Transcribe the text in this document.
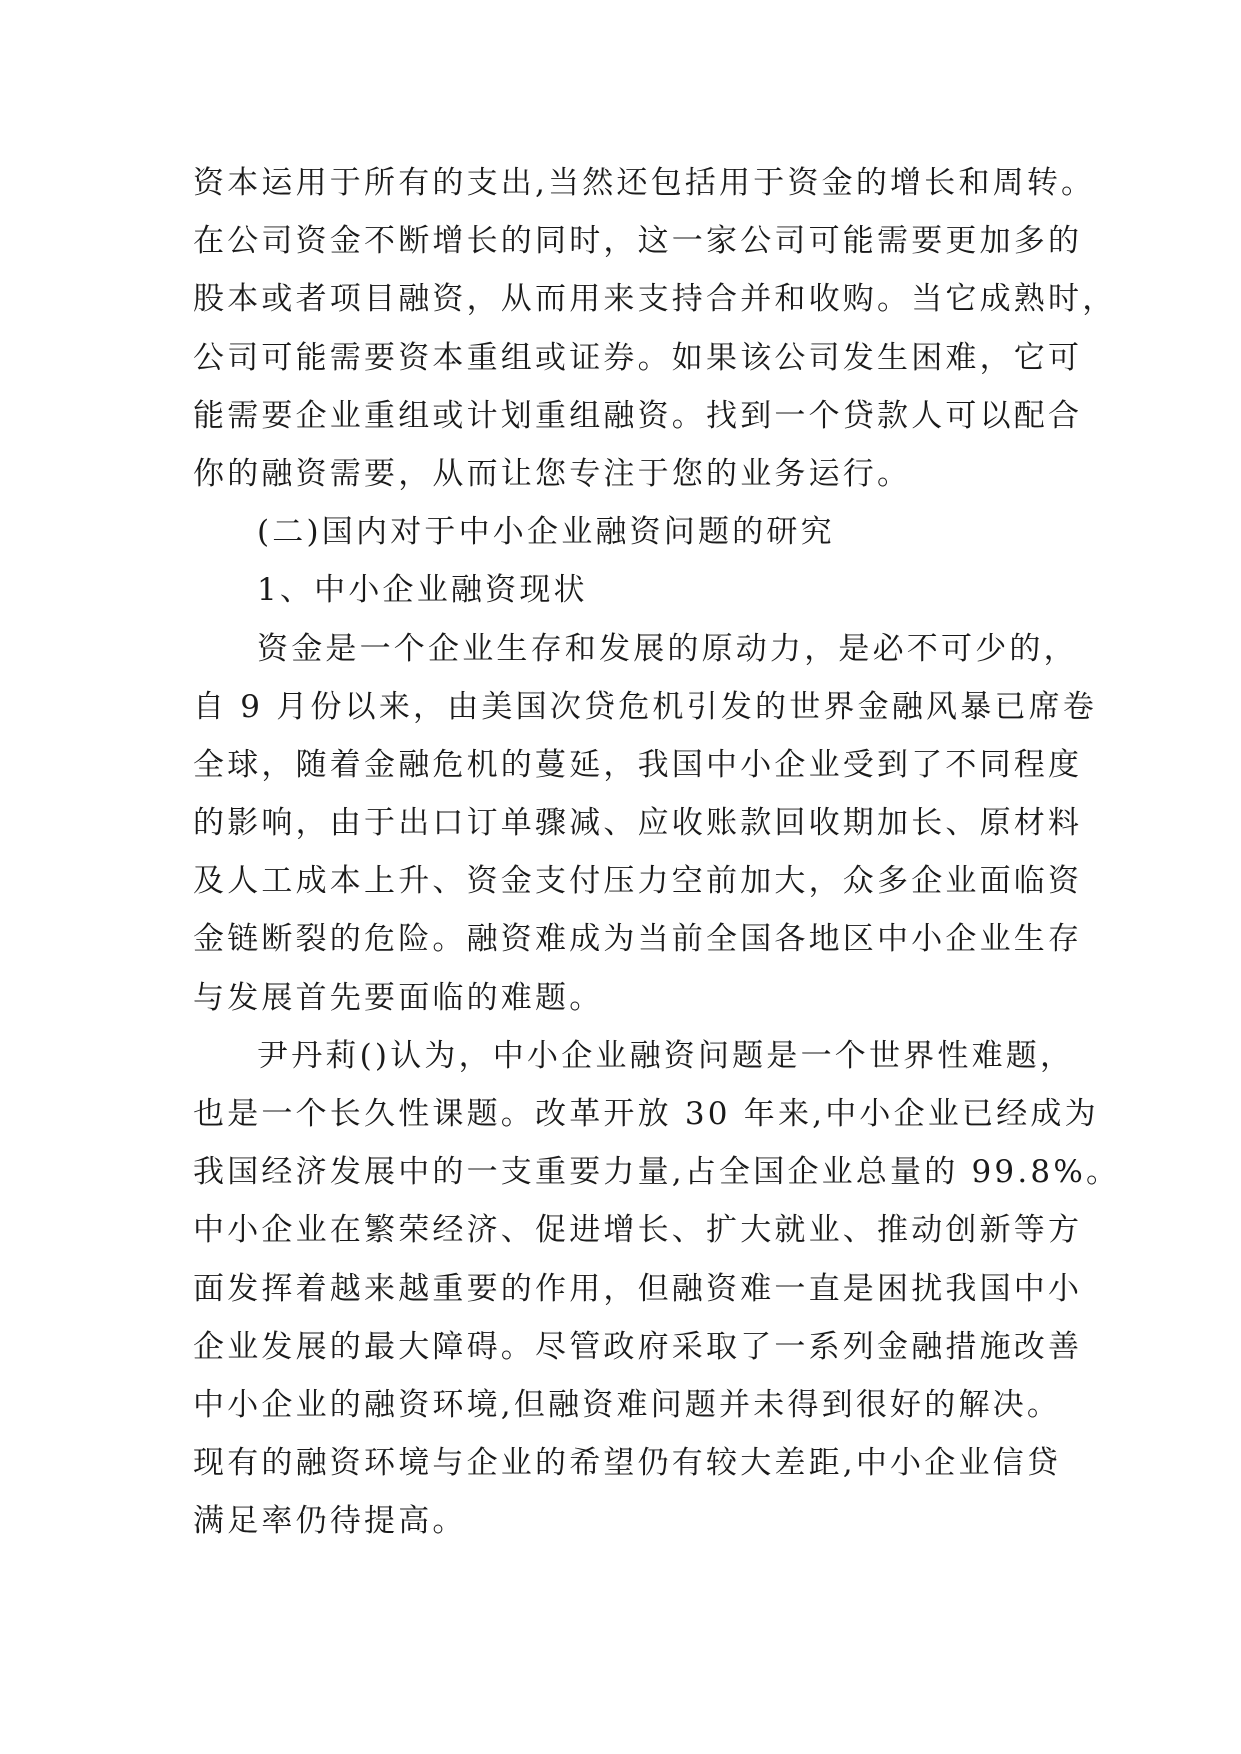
资本运用于所有的支出,当然还包括用于资金的增长和周转。
在公司资金不断增长的同时，这一家公司可能需要更加多的
股本或者项目融资，从而用来支持合并和收购。当它成熟时，
公司可能需要资本重组或证券。如果该公司发生困难，它可
能需要企业重组或计划重组融资。找到一个贷款人可以配合
你的融资需要，从而让您专注于您的业务运行。
(二)国内对于中小企业融资问题的研究
1、中小企业融资现状
资金是一个企业生存和发展的原动力，是必不可少的，
自 9 月份以来，由美国次贷危机引发的世界金融风暴已席卷
全球，随着金融危机的蔓延，我国中小企业受到了不同程度
的影响，由于出口订单骤减、应收账款回收期加长、原材料
及人工成本上升、资金支付压力空前加大，众多企业面临资
金链断裂的危险。融资难成为当前全国各地区中小企业生存
与发展首先要面临的难题。
尹丹莉()认为，中小企业融资问题是一个世界性难题，
也是一个长久性课题。改革开放 30 年来,中小企业已经成为
我国经济发展中的一支重要力量,占全国企业总量的 99.8%。
中小企业在繁荣经济、促进增长、扩大就业、推动创新等方
面发挥着越来越重要的作用，但融资难一直是困扰我国中小
企业发展的最大障碍。尽管政府采取了一系列金融措施改善
中小企业的融资环境,但融资难问题并未得到很好的解决。
现有的融资环境与企业的希望仍有较大差距,中小企业信贷
满足率仍待提高。
